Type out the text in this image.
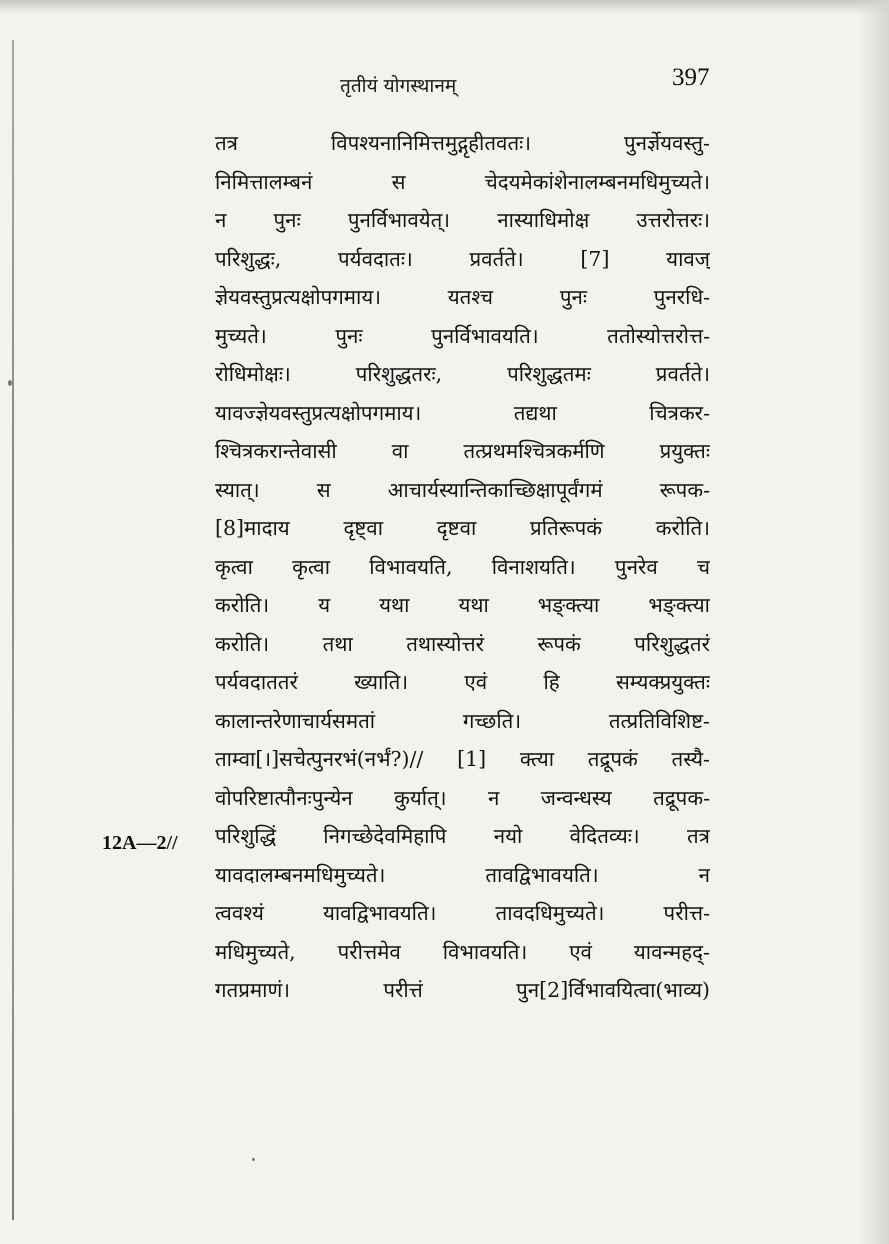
तृतीयं योगस्थानम्	397
12A—2//
तत्र विपश्यनानिमित्तमुद्गृहीतवतः। पुनर्ज्ञेयवस्तु-
निमित्तालम्बनं स चेदयमेकांशेनालम्बनमधिमुच्यते।
न पुनः पुनर्विभावयेत्। नास्याधिमोक्ष उत्तरोत्तरः।
परिशुद्धः, पर्यवदातः। प्रवर्तते। [7] यावज्
ज्ञेयवस्तुप्रत्यक्षोपगमाय। यतश्च पुनः पुनरधि-
मुच्यते। पुनः पुनर्विभावयति। ततोस्योत्तरोत्त-
रोधिमोक्षः। परिशुद्धतरः, परिशुद्धतमः प्रवर्तते।
यावज्ज्ञेयवस्तुप्रत्यक्षोपगमाय। तद्यथा चित्रकर-
श्चित्रकरान्तेवासी वा तत्प्रथमश्चित्रकर्मणि प्रयुक्तः
स्यात्। स आचार्यस्यान्तिकाच्छिक्षापूर्वंगमं रूपक-
[8]मादाय दृष्ट्वा दृष्टवा प्रतिरूपकं करोति।
कृत्वा कृत्वा विभावयति, विनाशयति। पुनरेव च
करोति। य यथा यथा भङ्क्त्या भङ्क्त्या
करोति। तथा तथास्योत्तरं रूपकं परिशुद्धतरं
पर्यवदाततरं ख्याति। एवं हि सम्यक्प्रयुक्तः
कालान्तरेणाचार्यसमतां गच्छति। तत्प्रतिविशिष्ट-
ताम्वा[।]सचेत्पुनरभं(नर्भं?)// [1] क्त्या तद्रूपकं तस्यै-
वोपरिष्टात्पौनःपुन्येन कुर्यात्। न जन्वन्धस्य तद्रूपक-
परिशुद्धिं निगच्छेदेवमिहापि नयो वेदितव्यः। तत्र
यावदालम्बनमधिमुच्यते। तावद्विभावयति। न
त्ववश्यं यावद्विभावयति। तावदधिमुच्यते। परीत्त-
मधिमुच्यते, परीत्तमेव विभावयति। एवं यावन्महद्-
गतप्रमाणं। परीत्तं पुन[2]र्विभावयित्वा(भाव्य)
